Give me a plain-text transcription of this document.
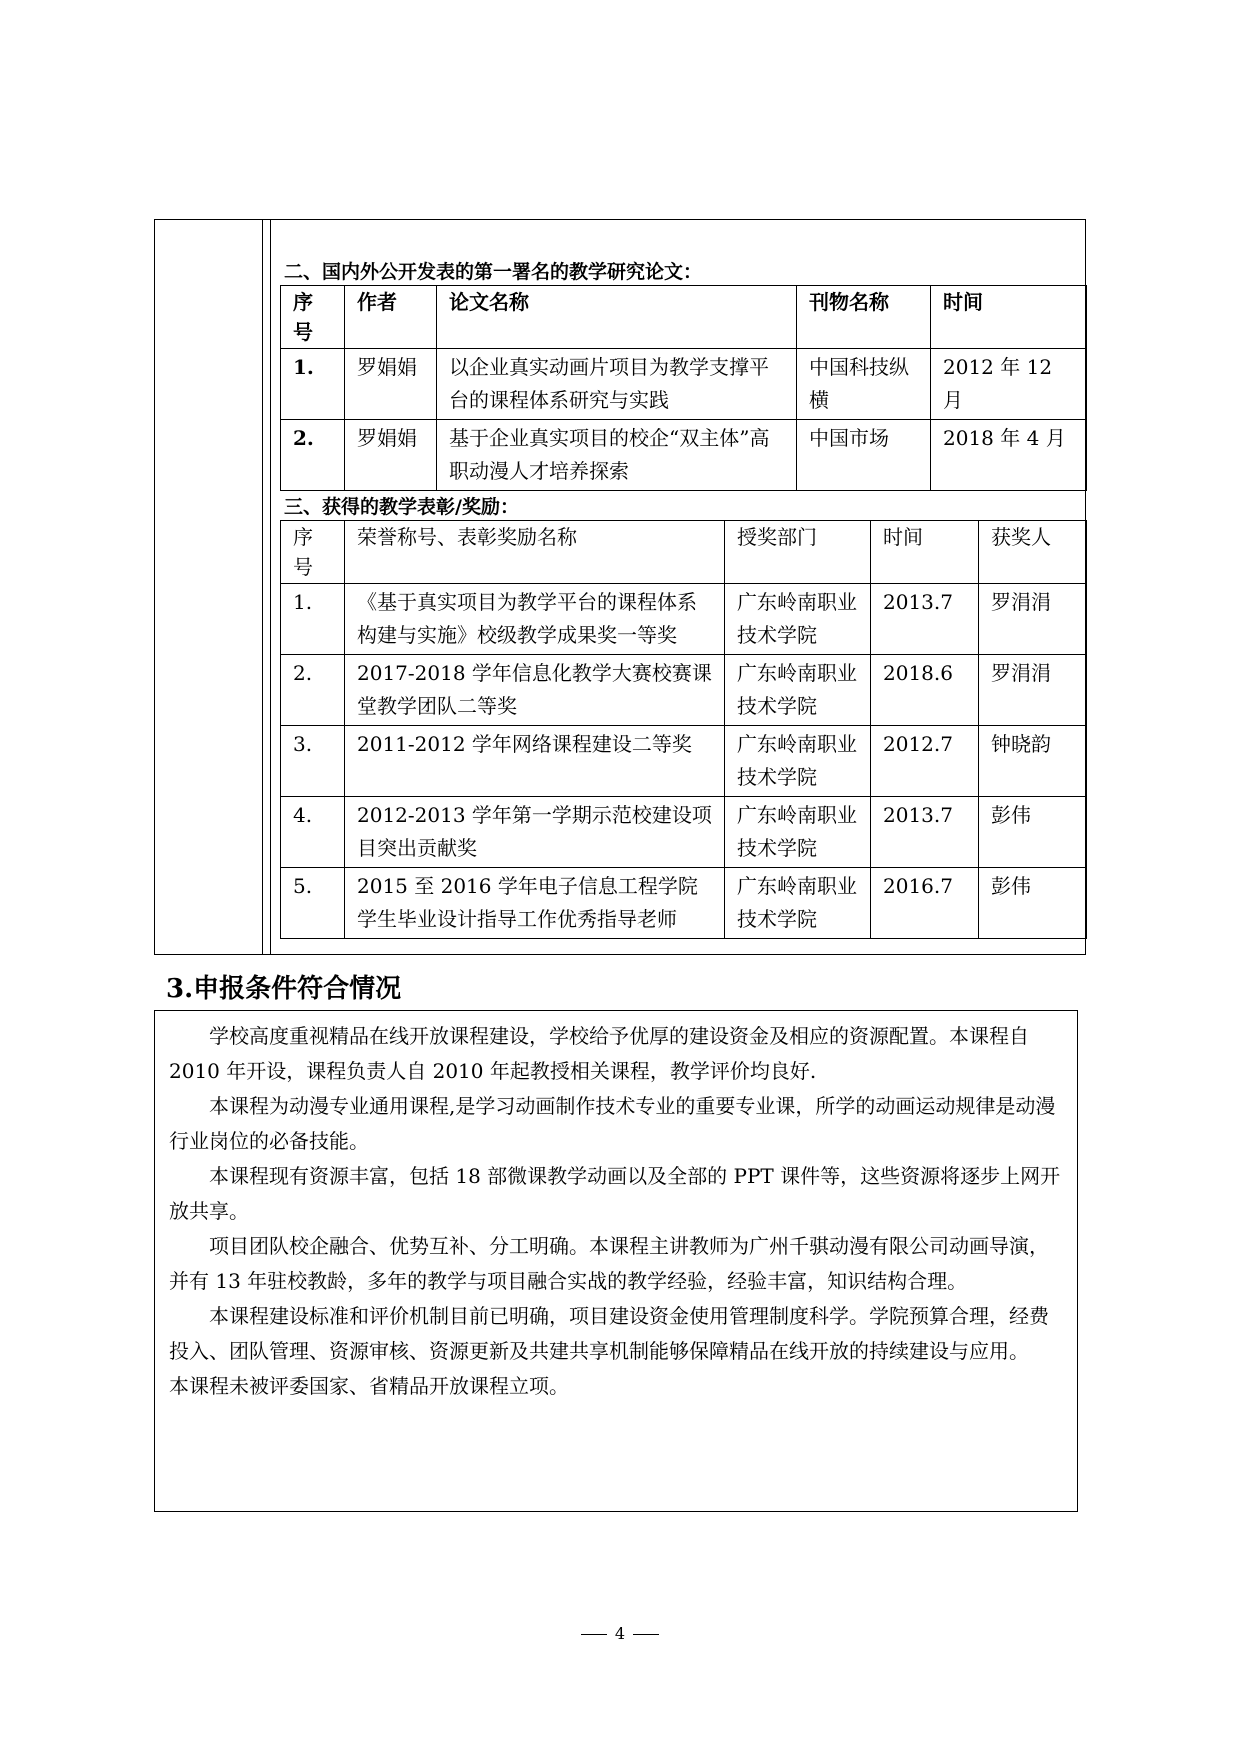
二、国内外公开发表的第一署名的教学研究论文：
序号	作者	论文名称	刊物名称	时间
1.	罗娟娟	以企业真实动画片项目为教学支撑平台的课程体系研究与实践	中国科技纵横	2012 年 12 月
2.	罗娟娟	基于企业真实项目的校企“双主体”高职动漫人才培养探索	中国市场	2018 年 4 月
三、获得的教学表彰/奖励：
序号	荣誉称号、表彰奖励名称	授奖部门	时间	获奖人
1.	《基于真实项目为教学平台的课程体系构建与实施》校级教学成果奖一等奖	广东岭南职业技术学院	2013.7	罗涓涓
2.	2017-2018 学年信息化教学大赛校赛课堂教学团队二等奖	广东岭南职业技术学院	2018.6	罗涓涓
3.	2011-2012 学年网络课程建设二等奖	广东岭南职业技术学院	2012.7	钟晓韵
4.	2012-2013 学年第一学期示范校建设项目突出贡献奖	广东岭南职业技术学院	2013.7	彭伟
5.	2015 至 2016 学年电子信息工程学院学生毕业设计指导工作优秀指导老师	广东岭南职业技术学院	2016.7	彭伟
3.申报条件符合情况

学校高度重视精品在线开放课程建设，学校给予优厚的建设资金及相应的资源配置。本课程自 2010 年开设，课程负责人自 2010 年起教授相关课程，教学评价均良好.

本课程为动漫专业通用课程,是学习动画制作技术专业的重要专业课，所学的动画运动规律是动漫行业岗位的必备技能。

本课程现有资源丰富，包括 18 部微课教学动画以及全部的 PPT 课件等，这些资源将逐步上网开放共享。

项目团队校企融合、优势互补、分工明确。本课程主讲教师为广州千骐动漫有限公司动画导演，并有 13 年驻校教龄，多年的教学与项目融合实战的教学经验，经验丰富，知识结构合理。

本课程建设标准和评价机制目前已明确，项目建设资金使用管理制度科学。学院预算合理，经费投入、团队管理、资源审核、资源更新及共建共享机制能够保障精品在线开放的持续建设与应用。

本课程未被评委国家、省精品开放课程立项。

4
